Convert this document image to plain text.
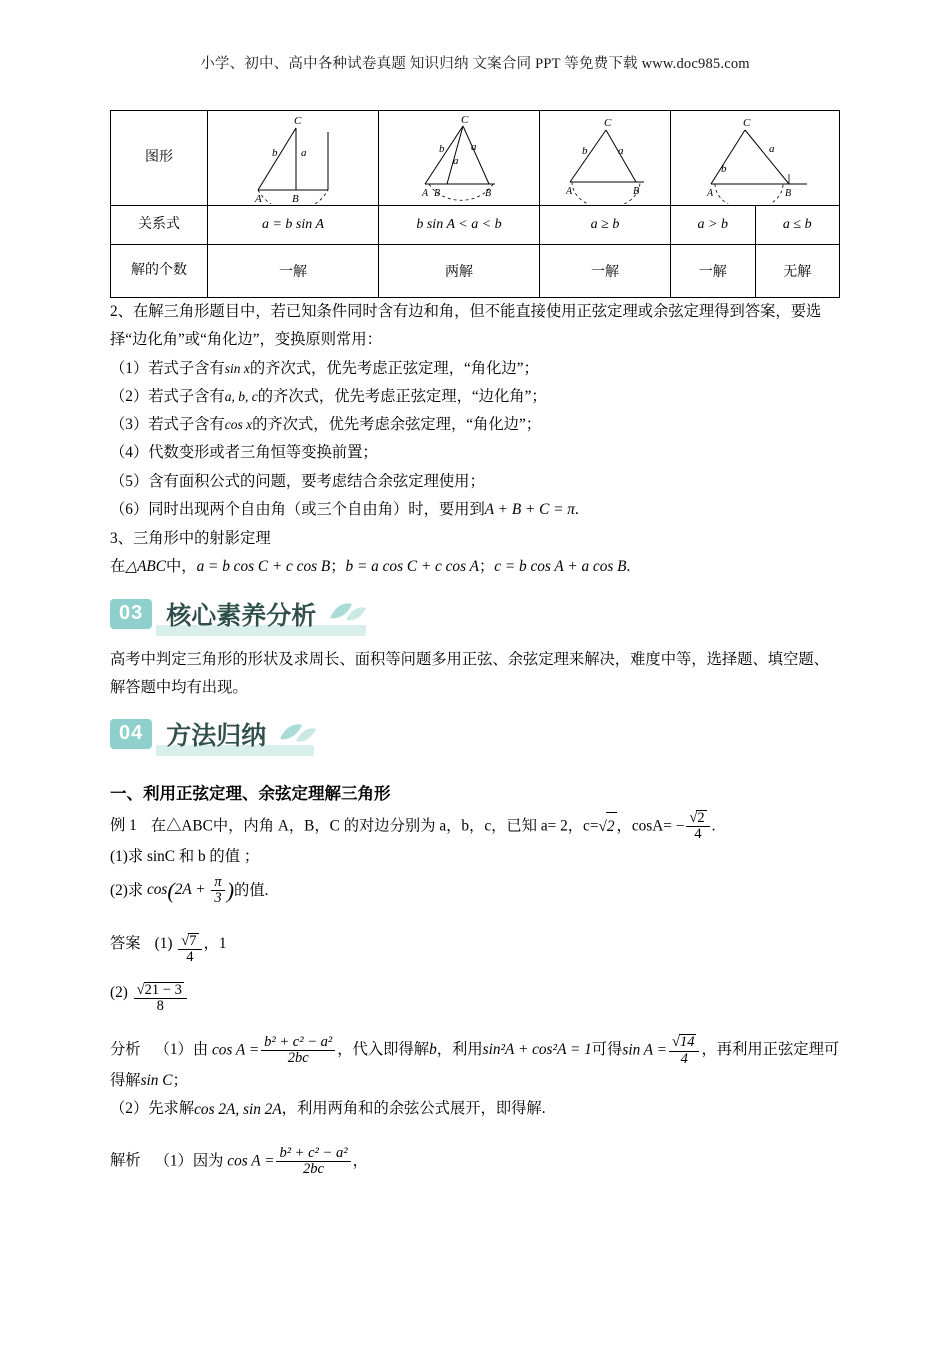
小学、初中、高中各种试卷真题 知识归纳 文案合同 PPT 等免费下载 www.doc985.com
图形	
C
A	B
b a

C
A B	B
b a
a

C
A	B
b	a

C
A	B
b
a

关系式	a = b sin A	b sin A < a < b	a ≥ b	a > b	a ≤ b
解的个数	一解	两解	一解	一解	无解

2、在解三角形题目中，若已知条件同时含有边和角，但不能直接使用正弦定理或余弦定理得到答案，要选择“边化角”或“角化边”，变换原则常用：

（1）若式子含有sin x的齐次式，优先考虑正弦定理，“角化边”；

（2）若式子含有a, b, c的齐次式，优先考虑正弦定理，“边化角”；

（3）若式子含有cos x的齐次式，优先考虑余弦定理，“角化边”；

（4）代数变形或者三角恒等变换前置；

（5）含有面积公式的问题，要考虑结合余弦定理使用；

（6）同时出现两个自由角（或三个自由角）时，要用到A + B + C = π.

3、三角形中的射影定理

在△ABC中，a = b cos C + c cos B；b = a cos C + c cos A；c = b cos A + a cos B.

03 核心素养分析

高考中判定三角形的形状及求周长、面积等问题多用正弦、余弦定理来解决，难度中等，选择题、填空题、解答题中均有出现。

04 方法归纳
一、利用正弦定理、余弦定理解三角形

例 1 在△ABC中，内角 A，B，C 的对边分别为 a，b，c，已知 a= 2，c=√2 ，$\cos A= - \frac{√2}{4}$ .

(1)求 sinC 和 b 的值 ；

(2)求 $\cos(2A + \frac{\pi}{3}$ )的值.

答案 $(1) \frac{√7}{4}$ ，1

$(2) \frac{√21 - 3}{8}$

分析 （1）由 $\cos A = \frac{\text{b² + c² − a²}}{2bc}$ ，代入即得解b，利用sin²A + cos²A = 1可得$\sin A = \frac{√14}{4}$ ，再利用正弦定理可得解sin C；

（2）先求解cos 2A, sin 2A，利用两角和的余弦公式展开，即得解.

解析 （1）因为 $\cos A = \frac{\text{b² + c² − a²}}{2bc}$ ，
